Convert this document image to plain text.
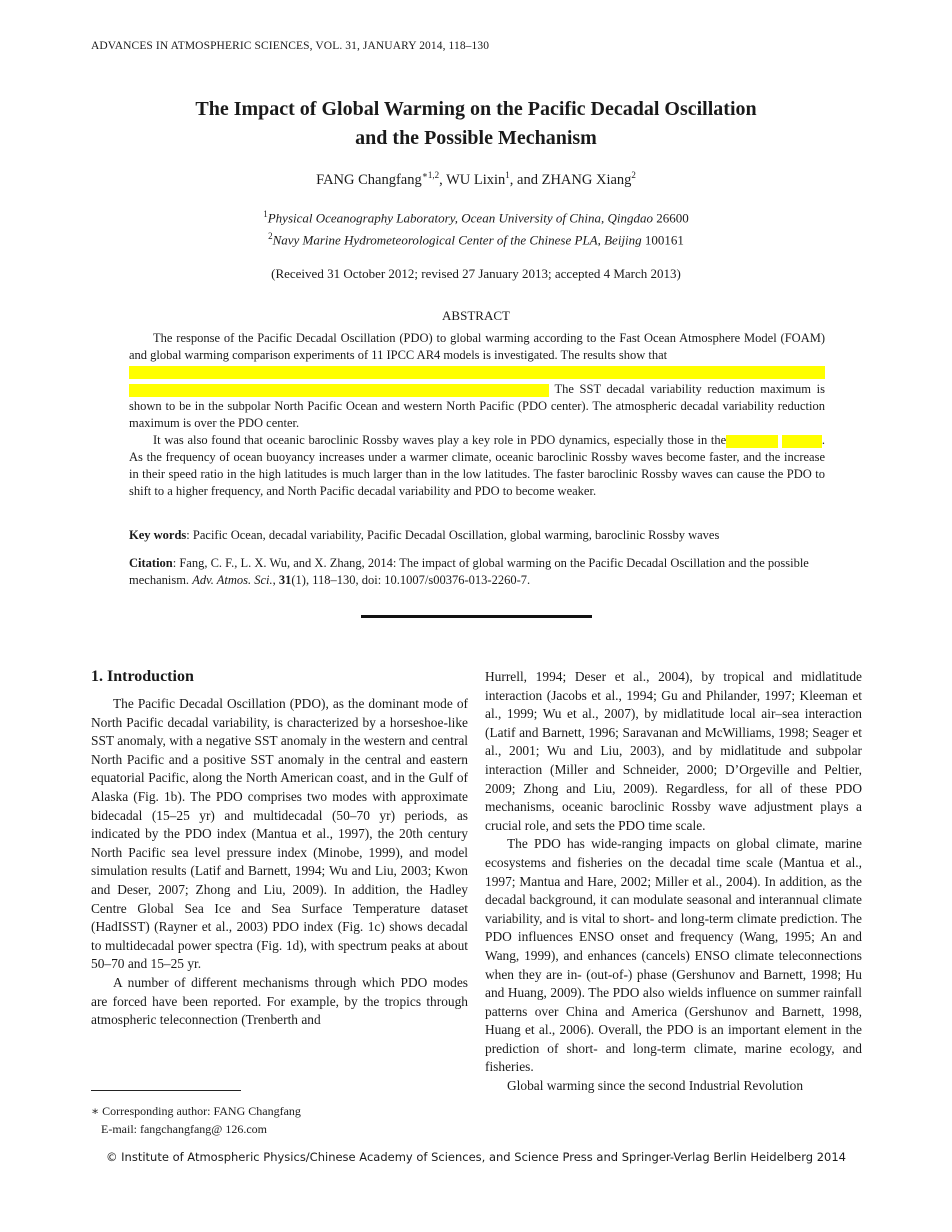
ADVANCES IN ATMOSPHERIC SCIENCES, VOL. 31, JANUARY 2014, 118–130
The Impact of Global Warming on the Pacific Decadal Oscillation
and the Possible Mechanism
FANG Changfang$^{∗1,2}$, WU Lixin$^1$, and ZHANG Xiang$^2$
$^1$Physical Oceanography Laboratory, Ocean University of China, Qingdao 26600
$^2$Navy Marine Hydrometeorological Center of the Chinese PLA, Beijing 100161
(Received 31 October 2012; revised 27 January 2013; accepted 4 March 2013)
ABSTRACT

The response of the Pacific Decadal Oscillation (PDO) to global warming according to the Fast Ocean Atmosphere Model (FOAM) and global warming comparison experiments of 11 IPCC AR4 models is investigated. The results show that
The SST decadal variability reduction maximum is shown to be in the subpolar North Pacific Ocean and western North Pacific (PDO center). The atmospheric decadal variability reduction maximum is over the PDO center.

It was also found that oceanic baroclinic Rossby waves play a key role in PDO dynamics, especially those in the	. As the frequency of ocean buoyancy increases under a warmer climate, oceanic baroclinic Rossby waves become faster, and the increase in their speed ratio in the high latitudes is much larger than in the low latitudes. The faster baroclinic Rossby waves can cause the PDO to shift to a higher frequency, and North Pacific decadal variability and PDO to become weaker.

Key words: Pacific Ocean, decadal variability, Pacific Decadal Oscillation, global warming, baroclinic Rossby waves
Citation: Fang, C. F., L. X. Wu, and X. Zhang, 2014: The impact of global warming on the Pacific Decadal Oscillation and the possible mechanism. Adv. Atmos. Sci., 31(1), 118–130, doi: 10.1007/s00376-013-2260-7.
1. Introduction

The Pacific Decadal Oscillation (PDO), as the dominant mode of North Pacific decadal variability, is characterized by a horseshoe-like SST anomaly, with a negative SST anomaly in the western and central North Pacific and a positive SST anomaly in the central and eastern equatorial Pacific, along the North American coast, and in the Gulf of Alaska (Fig. 1b). The PDO comprises two modes with approximate bidecadal (15–25 yr) and multidecadal (50–70 yr) periods, as indicated by the PDO index (Mantua et al., 1997), the 20th century North Pacific sea level pressure index (Minobe, 1999), and model simulation results (Latif and Barnett, 1994; Wu and Liu, 2003; Kwon and Deser, 2007; Zhong and Liu, 2009). In addition, the Hadley Centre Global Sea Ice and Sea Surface Temperature dataset (HadISST) (Rayner et al., 2003) PDO index (Fig. 1c) shows decadal to multidecadal power spectra (Fig. 1d), with spectrum peaks at about 50–70 and 15–25 yr.

A number of different mechanisms through which PDO modes are forced have been reported. For example, by the tropics through atmospheric teleconnection (Trenberth and

Hurrell, 1994; Deser et al., 2004), by tropical and midlatitude interaction (Jacobs et al., 1994; Gu and Philander, 1997; Kleeman et al., 1999; Wu et al., 2007), by midlatitude local air–sea interaction (Latif and Barnett, 1996; Saravanan and McWilliams, 1998; Seager et al., 2001; Wu and Liu, 2003), and by midlatitude and subpolar interaction (Miller and Schneider, 2000; D’Orgeville and Peltier, 2009; Zhong and Liu, 2009). Regardless, for all of these PDO mechanisms, oceanic baroclinic Rossby wave adjustment plays a crucial role, and sets the PDO time scale.

The PDO has wide-ranging impacts on global climate, marine ecosystems and fisheries on the decadal time scale (Mantua et al., 1997; Mantua and Hare, 2002; Miller et al., 2004). In addition, as the decadal background, it can modulate seasonal and interannual climate variability, and is vital to short- and long-term climate prediction. The PDO influences ENSO onset and frequency (Wang, 1995; An and Wang, 1999), and enhances (cancels) ENSO climate teleconnections when they are in- (out-of-) phase (Gershunov and Barnett, 1998; Hu and Huang, 2009). The PDO also wields influence on summer rainfall patterns over China and America (Gershunov and Barnett, 1998, Huang et al., 2006). Overall, the PDO is an important element in the prediction of short- and long-term climate, marine ecology, and fisheries.

Global warming since the second Industrial Revolution

∗ Corresponding author: FANG Changfang
E-mail: fangchangfang@ 126.com
© Institute of Atmospheric Physics/Chinese Academy of Sciences, and Science Press and Springer-Verlag Berlin Heidelberg 2014
